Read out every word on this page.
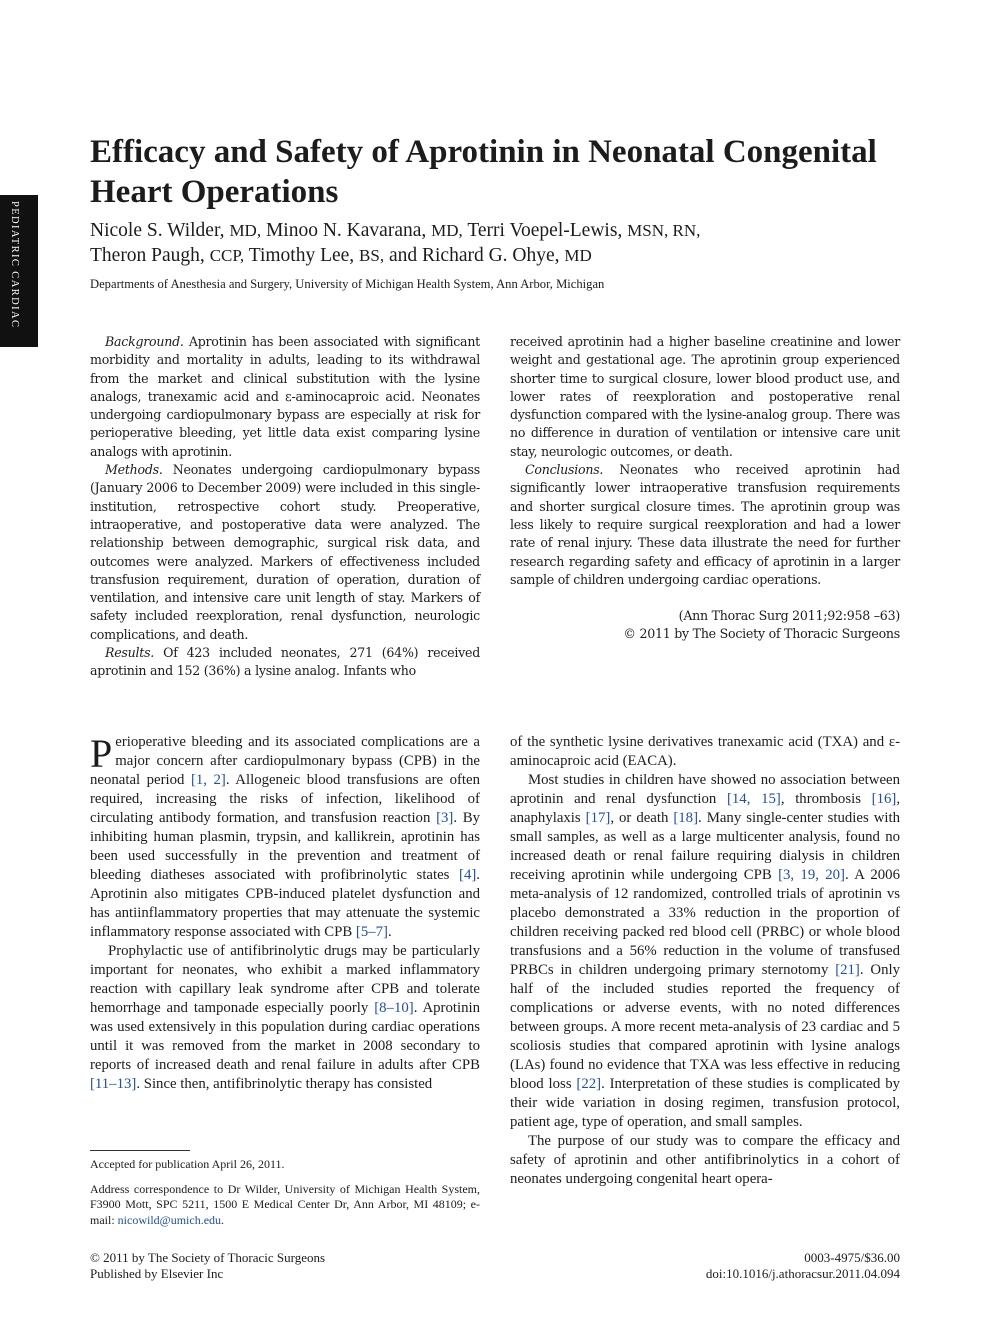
PEDIATRIC CARDIAC
Efficacy and Safety of Aprotinin in Neonatal Congenital Heart Operations
Nicole S. Wilder, MD, Minoo N. Kavarana, MD, Terri Voepel-Lewis, MSN, RN,
Theron Paugh, CCP, Timothy Lee, BS, and Richard G. Ohye, MD
Departments of Anesthesia and Surgery, University of Michigan Health System, Ann Arbor, Michigan

Background. Aprotinin has been associated with significant morbidity and mortality in adults, leading to its withdrawal from the market and clinical substitution with the lysine analogs, tranexamic acid and ε-aminocaproic acid. Neonates undergoing cardiopulmonary bypass are especially at risk for perioperative bleeding, yet little data exist comparing lysine analogs with aprotinin.

Methods. Neonates undergoing cardiopulmonary bypass (January 2006 to December 2009) were included in this single-institution, retrospective cohort study. Preoperative, intraoperative, and postoperative data were analyzed. The relationship between demographic, surgical risk data, and outcomes were analyzed. Markers of effectiveness included transfusion requirement, duration of operation, duration of ventilation, and intensive care unit length of stay. Markers of safety included reexploration, renal dysfunction, neurologic complications, and death.

Results. Of 423 included neonates, 271 (64%) received aprotinin and 152 (36%) a lysine analog. Infants who

received aprotinin had a higher baseline creatinine and lower weight and gestational age. The aprotinin group experienced shorter time to surgical closure, lower blood product use, and lower rates of reexploration and postoperative renal dysfunction compared with the lysine-analog group. There was no difference in duration of ventilation or intensive care unit stay, neurologic outcomes, or death.

Conclusions. Neonates who received aprotinin had significantly lower intraoperative transfusion requirements and shorter surgical closure times. The aprotinin group was less likely to require surgical reexploration and had a lower rate of renal injury. These data illustrate the need for further research regarding safety and efficacy of aprotinin in a larger sample of children undergoing cardiac operations.

(Ann Thorac Surg 2011;92:958 –63)
© 2011 by The Society of Thoracic Surgeons

Perioperative bleeding and its associated complications are a major concern after cardiopulmonary bypass (CPB) in the neonatal period [1, 2]. Allogeneic blood transfusions are often required, increasing the risks of infection, likelihood of circulating antibody formation, and transfusion reaction [3]. By inhibiting human plasmin, trypsin, and kallikrein, aprotinin has been used successfully in the prevention and treatment of bleeding diatheses associated with profibrinolytic states [4]. Aprotinin also mitigates CPB-induced platelet dysfunction and has antiinflammatory properties that may attenuate the systemic inflammatory response associated with CPB [5–7].

Prophylactic use of antifibrinolytic drugs may be particularly important for neonates, who exhibit a marked inflammatory reaction with capillary leak syndrome after CPB and tolerate hemorrhage and tamponade especially poorly [8–10]. Aprotinin was used extensively in this population during cardiac operations until it was removed from the market in 2008 secondary to reports of increased death and renal failure in adults after CPB [11–13]. Since then, antifibrinolytic therapy has consisted

of the synthetic lysine derivatives tranexamic acid (TXA) and ε-aminocaproic acid (EACA).

Most studies in children have showed no association between aprotinin and renal dysfunction [14, 15], thrombosis [16], anaphylaxis [17], or death [18]. Many single-center studies with small samples, as well as a large multicenter analysis, found no increased death or renal failure requiring dialysis in children receiving aprotinin while undergoing CPB [3, 19, 20]. A 2006 meta-analysis of 12 randomized, controlled trials of aprotinin vs placebo demonstrated a 33% reduction in the proportion of children receiving packed red blood cell (PRBC) or whole blood transfusions and a 56% reduction in the volume of transfused PRBCs in children undergoing primary sternotomy [21]. Only half of the included studies reported the frequency of complications or adverse events, with no noted differences between groups. A more recent meta-analysis of 23 cardiac and 5 scoliosis studies that compared aprotinin with lysine analogs (LAs) found no evidence that TXA was less effective in reducing blood loss [22]. Interpretation of these studies is complicated by their wide variation in dosing regimen, transfusion protocol, patient age, type of operation, and small samples.

The purpose of our study was to compare the efficacy and safety of aprotinin and other antifibrinolytics in a cohort of neonates undergoing congenital heart opera-

Accepted for publication April 26, 2011.

Address correspondence to Dr Wilder, University of Michigan Health System, F3900 Mott, SPC 5211, 1500 E Medical Center Dr, Ann Arbor, MI 48109; e-mail: nicowild@umich.edu.

© 2011 by The Society of Thoracic Surgeons
Published by Elsevier Inc
0003-4975/$36.00
doi:10.1016/j.athoracsur.2011.04.094
